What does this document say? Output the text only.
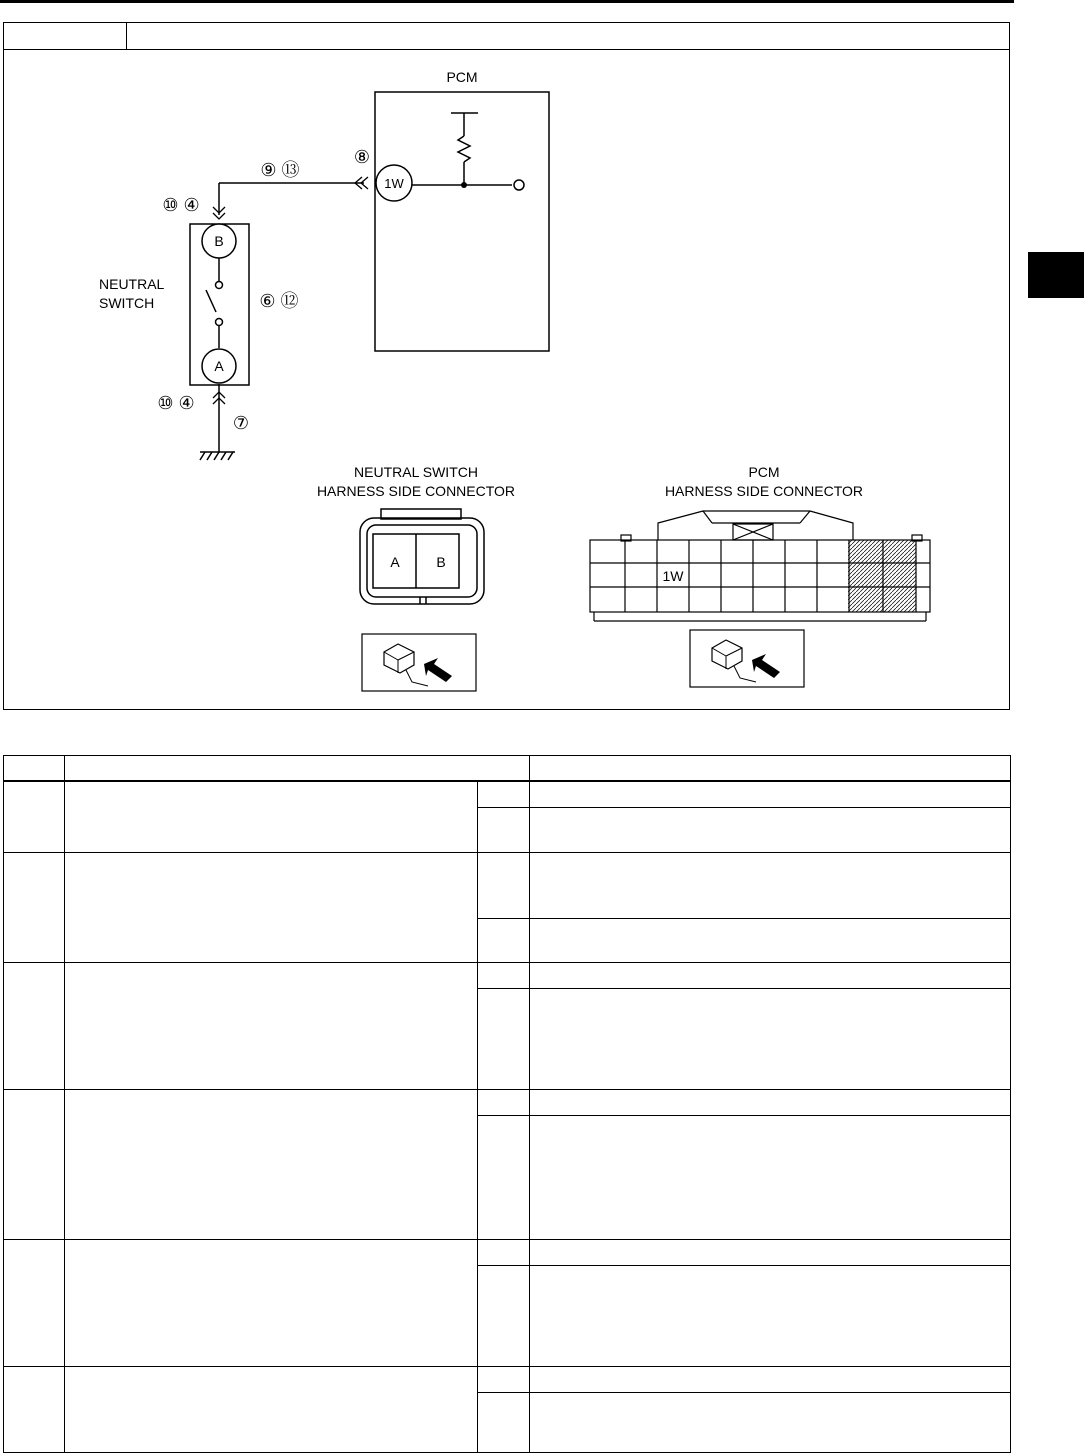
PCM
1W
B
A
NEUTRAL
SWITCH
⑨ ⑬
⑧
⑩ ④
⑥ ⑫
⑩ ④
⑦
NEUTRAL SWITCH
HARNESS SIDE CONNECTOR
A	B
PCM
HARNESS SIDE CONNECTOR
1W
